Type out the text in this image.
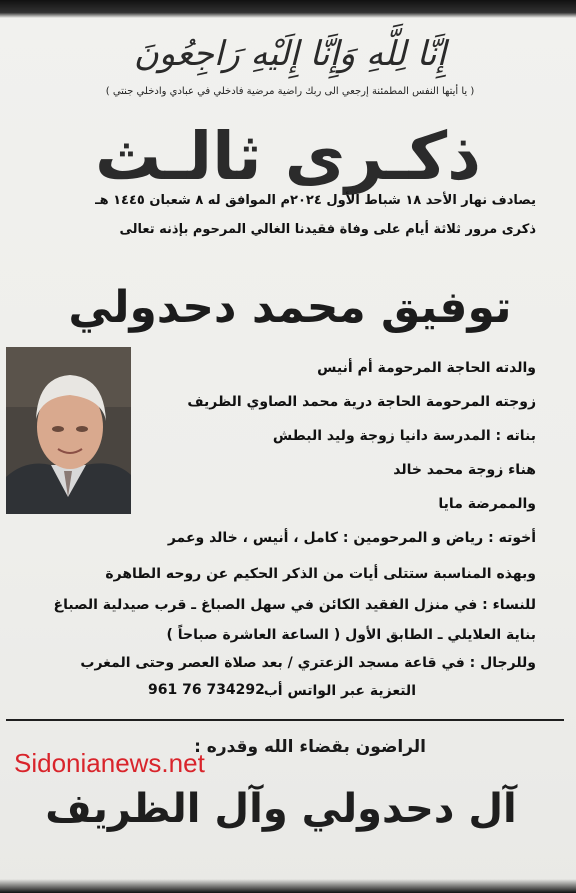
إِنَّا لِلَّهِ وَإِنَّا إِلَيْهِ رَاجِعُونَ
( يا أيتها النفس المطمئنة إرجعي الى ربك راضية مرضية فادخلي في عبادي وادخلي جنتي )
ذكـرى ثالـث
يصادف نهار الأحد ١٨ شباط الأول ٢٠٢٤م الموافق له ٨ شعبان ١٤٤٥ هـ
ذكرى مرور ثلاثة أيام على وفاة فقيدنا الغالي المرحوم بإذنه تعالى
توفيق محمد دحدولي
والدته الحاجة المرحومة أم أنيس
زوجته المرحومة الحاجة درية محمد الصاوي الظريف
بناته : المدرسة دانيا زوجة وليد البطش
هناء زوجة محمد خالد
والممرضة مايا
أخوته : رياض و المرحومين : كامل ، أنيس ، خالد وعمر
وبهذه المناسبة ستتلى أيات من الذكر الحكيم عن روحه الطاهرة
للنساء : في منزل الفقيد الكائن في سهل الصباغ ـ قرب صيدلية الصباغ
بناية العلايلي ـ الطابق الأول ( الساعة العاشرة صباحاً )
وللرجال : في قاعة مسجد الزعتري / بعد صلاة العصر وحتى المغرب
التعزية عبر الواتس أب
961 76 734292
الراضون بقضاء الله وقدره :
Sidonianews.net
آل دحدولي وآل الظريف
